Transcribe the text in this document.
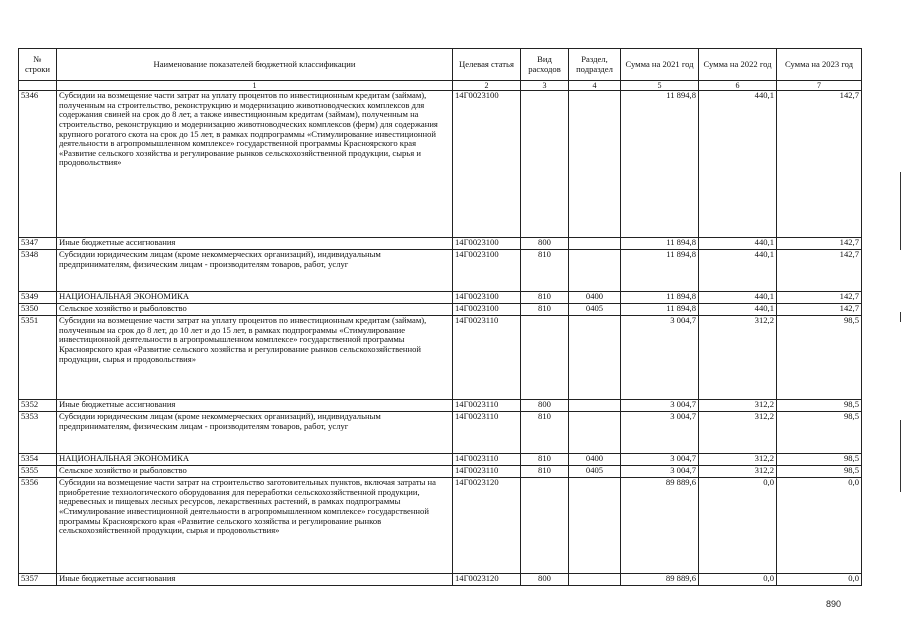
№ строки	Наименование показателей бюджетной классификации	Целевая статья	Вид расходов	Раздел, подраздел	Сумма на 2021 год	Сумма на 2022 год	Сумма на 2023 год
	1	2	3	4	5	6	7
5346	Субсидии на возмещение части затрат на уплату процентов по инвестиционным кредитам (займам), полученным на строительство, реконструкцию и модернизацию животноводческих комплексов для содержания свиней на срок до 8 лет, а также инвестиционным кредитам (займам), полученным на строительство, реконструкцию и модернизацию животноводческих комплексов (ферм) для содержания крупного рогатого скота на срок до 15 лет, в рамках подпрограммы «Стимулирование инвестиционной деятельности в агропромышленном комплексе» государственной программы Красноярского края «Развитие сельского хозяйства и регулирование рынков сельскохозяйственной продукции, сырья и продовольствия»	14Г0023100			11 894,8	440,1	142,7
5347	Иные бюджетные ассигнования	14Г0023100	800		11 894,8	440,1	142,7
5348	Субсидии юридическим лицам (кроме некоммерческих организаций), индивидуальным предпринимателям, физическим лицам - производителям товаров, работ, услуг	14Г0023100	810		11 894,8	440,1	142,7
5349	НАЦИОНАЛЬНАЯ ЭКОНОМИКА	14Г0023100	810	0400	11 894,8	440,1	142,7
5350	Сельское хозяйство и рыболовство	14Г0023100	810	0405	11 894,8	440,1	142,7
5351	Субсидии на возмещение части затрат на уплату процентов по инвестиционным кредитам (займам), полученным на срок до 8 лет, до 10 лет и до 15 лет, в рамках подпрограммы «Стимулирование инвестиционной деятельности в агропромышленном комплексе» государственной программы Красноярского края «Развитие сельского хозяйства и регулирование рынков сельскохозяйственной продукции, сырья и продовольствия»	14Г0023110			3 004,7	312,2	98,5
5352	Иные бюджетные ассигнования	14Г0023110	800		3 004,7	312,2	98,5
5353	Субсидии юридическим лицам (кроме некоммерческих организаций), индивидуальным предпринимателям, физическим лицам - производителям товаров, работ, услуг	14Г0023110	810		3 004,7	312,2	98,5
5354	НАЦИОНАЛЬНАЯ ЭКОНОМИКА	14Г0023110	810	0400	3 004,7	312,2	98,5
5355	Сельское хозяйство и рыболовство	14Г0023110	810	0405	3 004,7	312,2	98,5
5356	Субсидии на возмещение части затрат на строительство заготовительных пунктов, включая затраты на приобретение технологического оборудования для переработки сельскохозяйственной продукции, недревесных и пищевых лесных ресурсов, лекарственных растений, в рамках подпрограммы «Стимулирование инвестиционной деятельности в агропромышленном комплексе» государственной программы Красноярского края «Развитие сельского хозяйства и регулирование рынков сельскохозяйственной продукции, сырья и продовольствия»	14Г0023120			89 889,6	0,0	0,0
5357	Иные бюджетные ассигнования	14Г0023120	800		89 889,6	0,0	0,0
890
